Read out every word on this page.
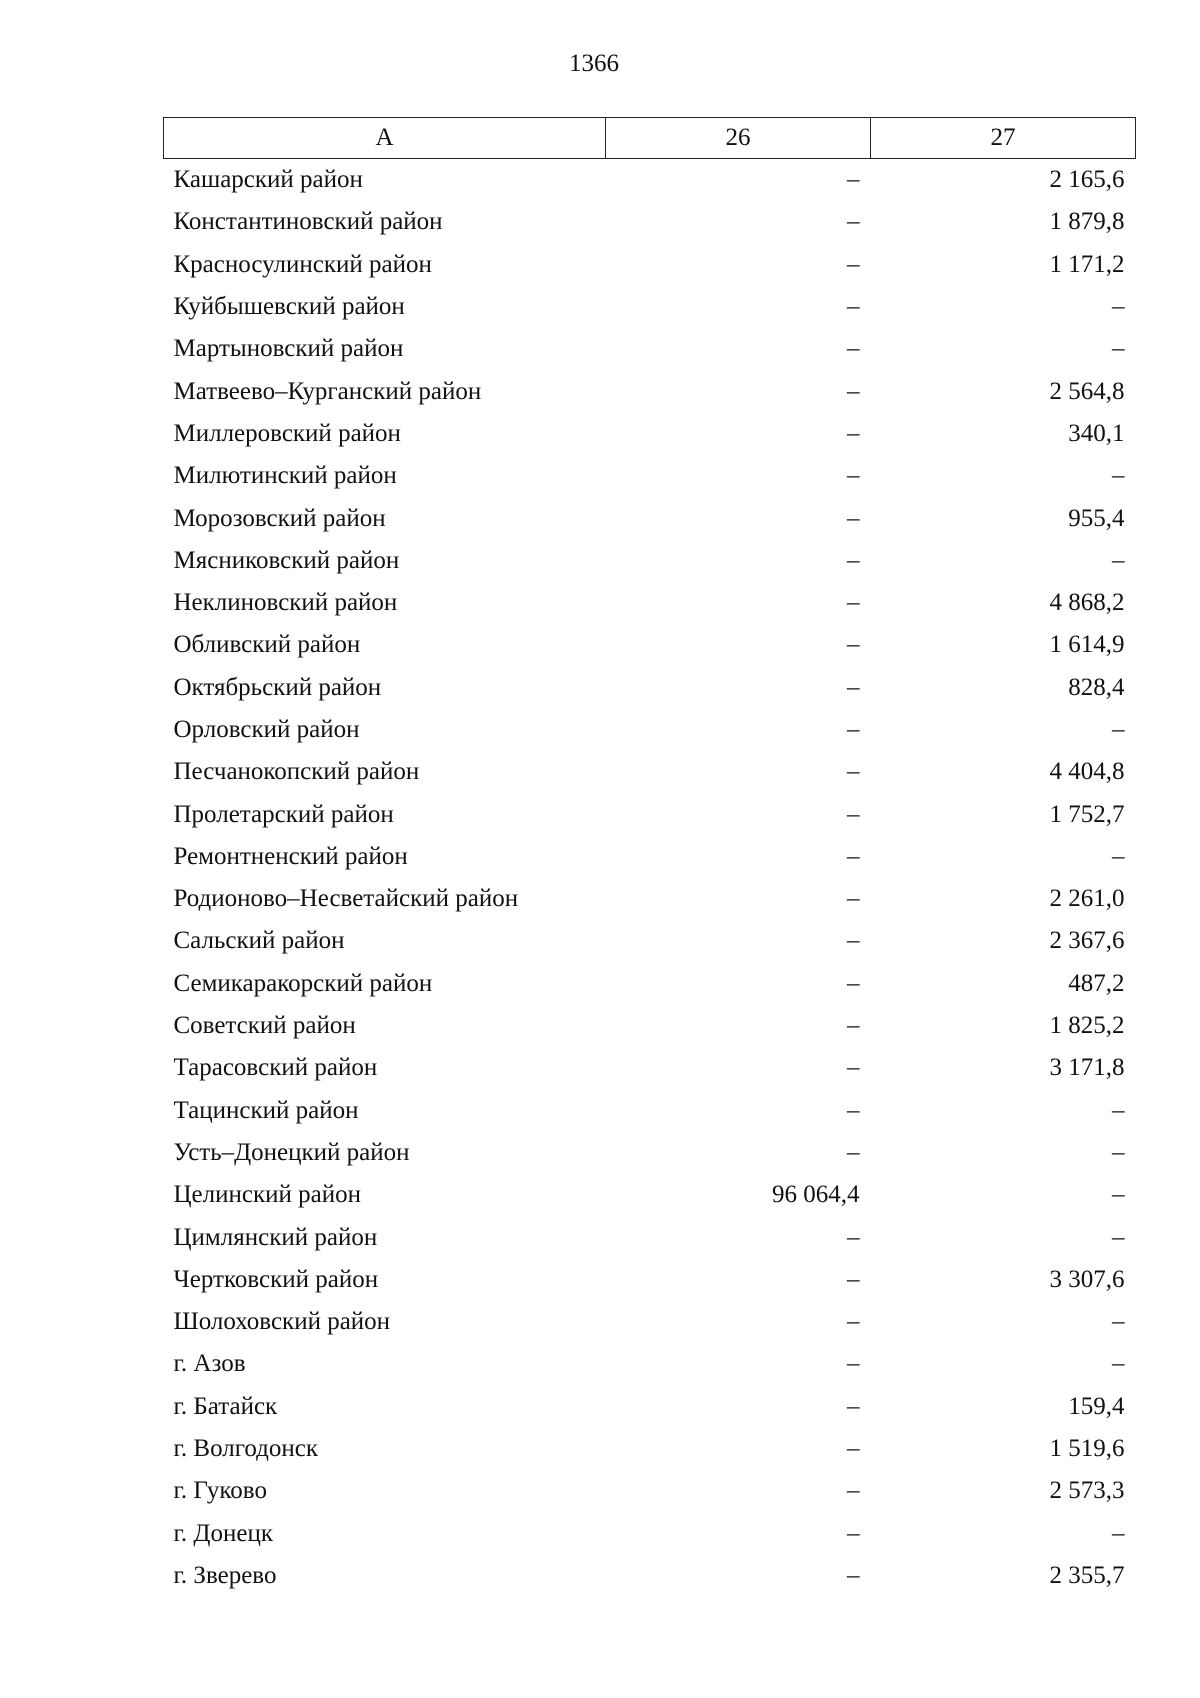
1366
А	26	27
Кашарский район	–	2 165,6
Константиновский район	–	1 879,8
Красносулинский район	–	1 171,2
Куйбышевский район	–	–
Мартыновский район	–	–
Матвеево–Курганский район	–	2 564,8
Миллеровский район	–	340,1
Милютинский район	–	–
Морозовский район	–	955,4
Мясниковский район	–	–
Неклиновский район	–	4 868,2
Обливский район	–	1 614,9
Октябрьский район	–	828,4
Орловский район	–	–
Песчанокопский район	–	4 404,8
Пролетарский район	–	1 752,7
Ремонтненский район	–	–
Родионово–Несветайский район	–	2 261,0
Сальский район	–	2 367,6
Семикаракорский район	–	487,2
Советский район	–	1 825,2
Тарасовский район	–	3 171,8
Тацинский район	–	–
Усть–Донецкий район	–	–
Целинский район	96 064,4	–
Цимлянский район	–	–
Чертковский район	–	3 307,6
Шолоховский район	–	–
г. Азов	–	–
г. Батайск	–	159,4
г. Волгодонск	–	1 519,6
г. Гуково	–	2 573,3
г. Донецк	–	–
г. Зверево	–	2 355,7
